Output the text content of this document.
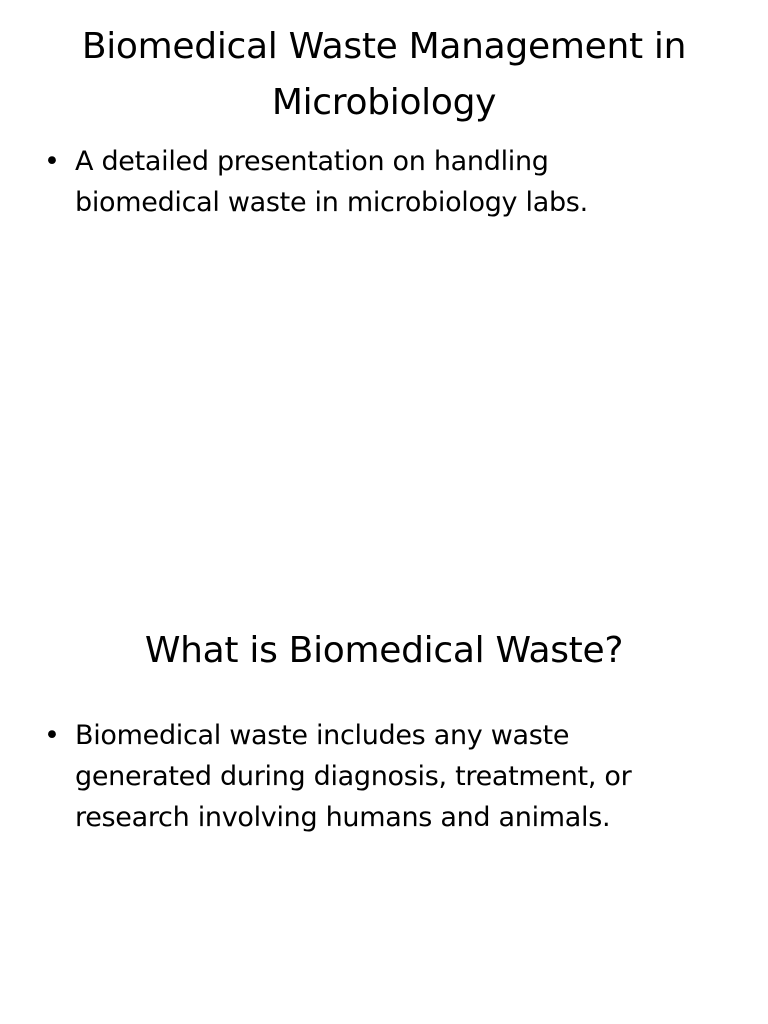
Biomedical Waste Management in Microbiology
• A detailed presentation on handling biomedical waste in microbiology labs.
What is Biomedical Waste?
• Biomedical waste includes any waste generated during diagnosis, treatment, or research involving humans and animals.
